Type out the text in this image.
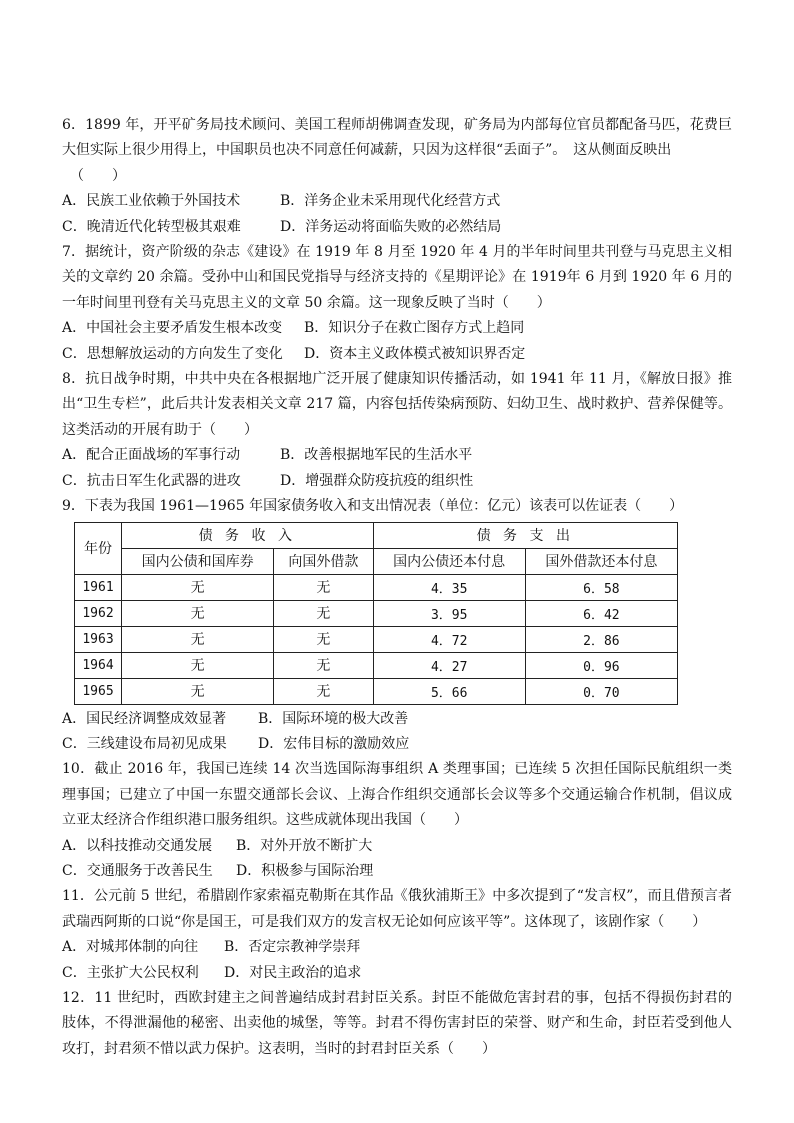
6．1899 年，开平矿务局技术顾问、美国工程师胡佛调查发现，矿务局为内部每位官员都配备马匹，花费巨大但实际上很少用得上，中国职员也决不同意任何减薪，只因为这样很“丢面子”。　这从侧面反映出

（　　）
A．民族工业依赖于外国技术	B．洋务企业未采用现代化经营方式
C．晚清近代化转型极其艰难	D．洋务运动将面临失败的必然结局

7．据统计，资产阶级的杂志《建设》在 1919 年 8 月至 1920 年 4 月的半年时间里共刊登与马克思主义相关的文章约 20 余篇。受孙中山和国民党指导与经济支持的《星期评论》在 1919年 6 月到 1920 年 6 月的一年时间里刊登有关马克思主义的文章 50 余篇。这一现象反映了当时（　　）

A．中国社会主要矛盾发生根本改变 B．知识分子在救亡图存方式上趋同
C．思想解放运动的方向发生了变化 D．资本主义政体模式被知识界否定

8．抗日战争时期，中共中央在各根据地广泛开展了健康知识传播活动，如 1941 年 11 月，《解放日报》推出“卫生专栏”，此后共计发表相关文章 217 篇，内容包括传染病预防、妇幼卫生、战时救护、营养保健等。这类活动的开展有助于（　　）

A．配合正面战场的军事行动	B．改善根据地军民的生活水平
C．抗击日军生化武器的进攻	D．增强群众防疫抗疫的组织性

9．下表为我国 1961—1965 年国家债务收入和支出情况表（单位：亿元）该表可以佐证表（　　）

年份	债 务 收 入		债 务 支 出	
	国内公债和国库券	向国外借款	国内公债还本付息	国外借款还本付息
1961	无	无	4．35	6．58
1962	无	无	3．95	6．42
1963	无	无	4．72	2．86
1964	无	无	4．27	0．96
1965	无	无	5．66	0．70
A．国民经济调整成效显著 B．国际环境的极大改善
C．三线建设布局初见成果 D．宏伟目标的激励效应

10．截止 2016 年，我国已连续 14 次当选国际海事组织 A 类理事国；已连续 5 次担任国际民航组织一类理事国；已建立了中国一东盟交通部长会议、上海合作组织交通部长会议等多个交通运输合作机制，倡议成立亚太经济合作组织港口服务组织。这些成就体现出我国（　　）

A．以科技推动交通发展 B．对外开放不断扩大
C．交通服务于改善民生 D．积极参与国际治理

11．公元前 5 世纪，希腊剧作家索福克勒斯在其作品《俄狄浦斯王》中多次提到了“发言权”，而且借预言者武瑞西阿斯的口说“你是国王，可是我们双方的发言权无论如何应该平等”。这体现了，该剧作家（　　）

A．对城邦体制的向往 B．否定宗教神学崇拜
C．主张扩大公民权利 D．对民主政治的追求

12．11 世纪时，西欧封建主之间普遍结成封君封臣关系。封臣不能做危害封君的事，包括不得损伤封君的肢体，不得泄漏他的秘密、出卖他的城堡，等等。封君不得伤害封臣的荣誉、财产和生命，封臣若受到他人攻打，封君须不惜以武力保护。这表明，当时的封君封臣关系（　　）
